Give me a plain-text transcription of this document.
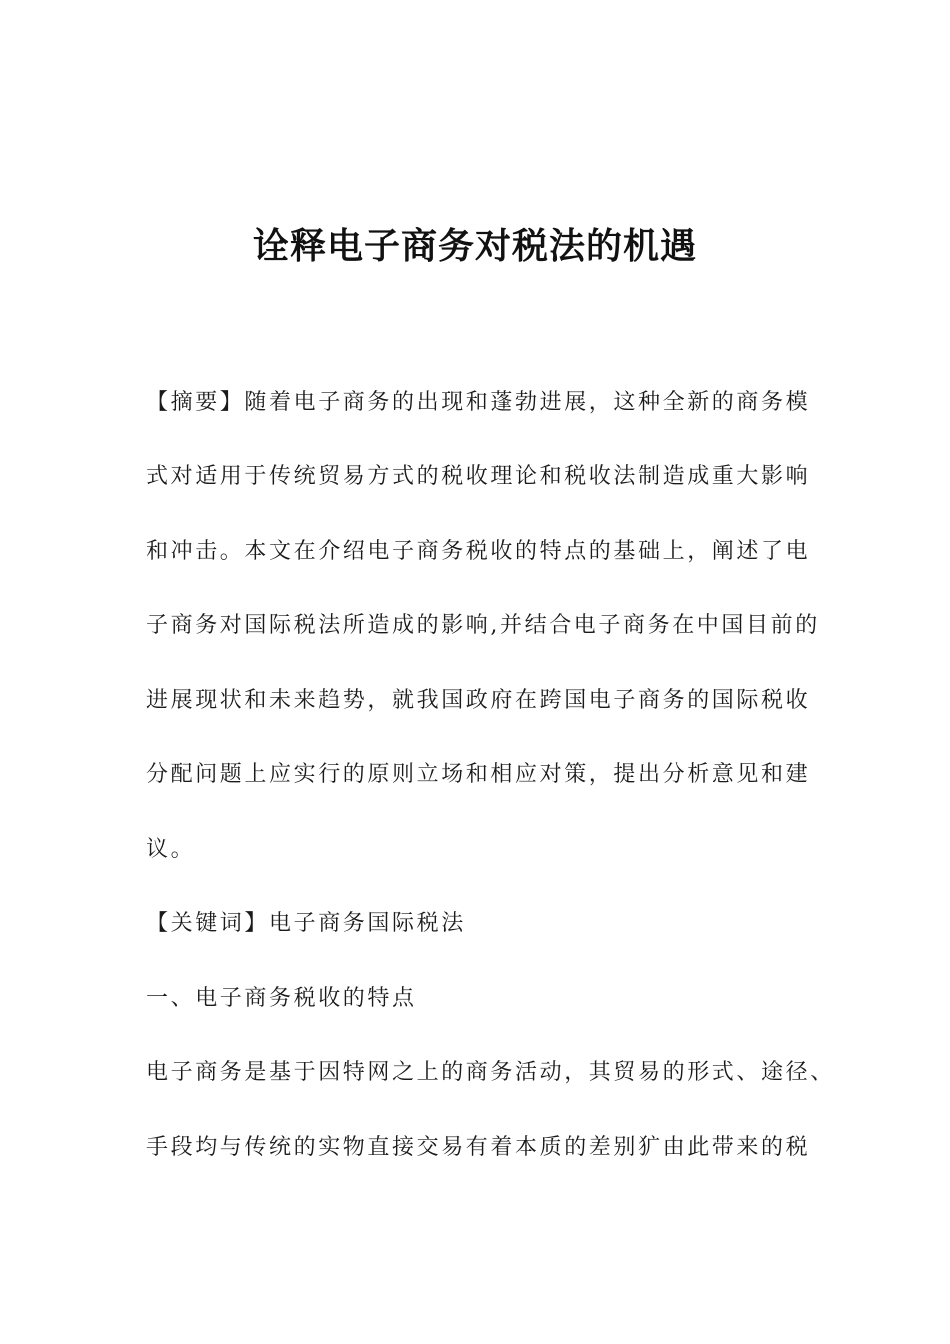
诠释电子商务对税法的机遇

【摘要】随着电子商务的出现和蓬勃进展，这种全新的商务模

式对适用于传统贸易方式的税收理论和税收法制造成重大影响

和冲击。本文在介绍电子商务税收的特点的基础上，阐述了电

子商务对国际税法所造成的影响,并结合电子商务在中国目前的

进展现状和未来趋势，就我国政府在跨国电子商务的国际税收

分配问题上应实行的原则立场和相应对策，提出分析意见和建

议。

【关键词】电子商务国际税法

一、电子商务税收的特点

电子商务是基于因特网之上的商务活动，其贸易的形式、途径、

手段均与传统的实物直接交易有着本质的差别犷由此带来的税
